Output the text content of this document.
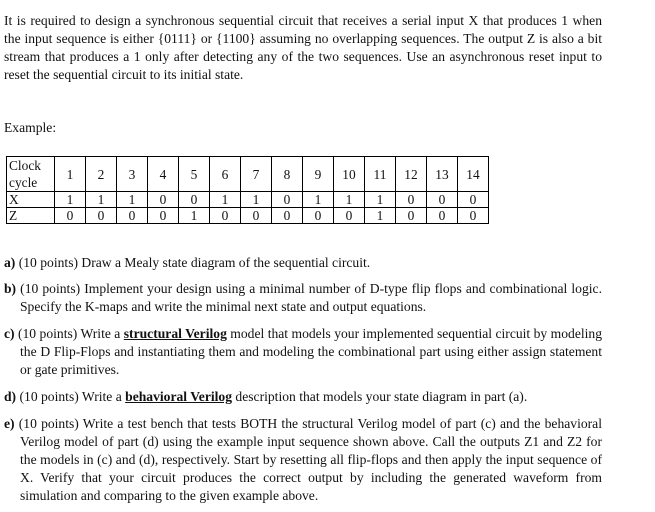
It is required to design a synchronous sequential circuit that receives a serial input X that produces 1 when the input sequence is either {0111} or {1100} assuming no overlapping sequences. The output Z is also a bit stream that produces a 1 only after detecting any of the two sequences. Use an asynchronous reset input to reset the sequential circuit to its initial state.
Example:
Clock cycle	1	2	3	4	5	6	7	8	9	10	11	12	13	14
X	1	1	1	0	0	1	1	0	1	1	1	0	0	0
Z	0	0	0	0	1	0	0	0	0	0	1	0	0	0
a) (10 points) Draw a Mealy state diagram of the sequential circuit.
b) (10 points) Implement your design using a minimal number of D-type flip flops and combinational logic. Specify the K-maps and write the minimal next state and output equations.
c) (10 points) Write a structural Verilog model that models your implemented sequential circuit by modeling the D Flip-Flops and instantiating them and modeling the combinational part using either assign statement or gate primitives.
d) (10 points) Write a behavioral Verilog description that models your state diagram in part (a).
e) (10 points) Write a test bench that tests BOTH the structural Verilog model of part (c) and the behavioral Verilog model of part (d) using the example input sequence shown above. Call the outputs Z1 and Z2 for the models in (c) and (d), respectively. Start by resetting all flip-flops and then apply the input sequence of X. Verify that your circuit produces the correct output by including the generated waveform from simulation and comparing to the given example above.
